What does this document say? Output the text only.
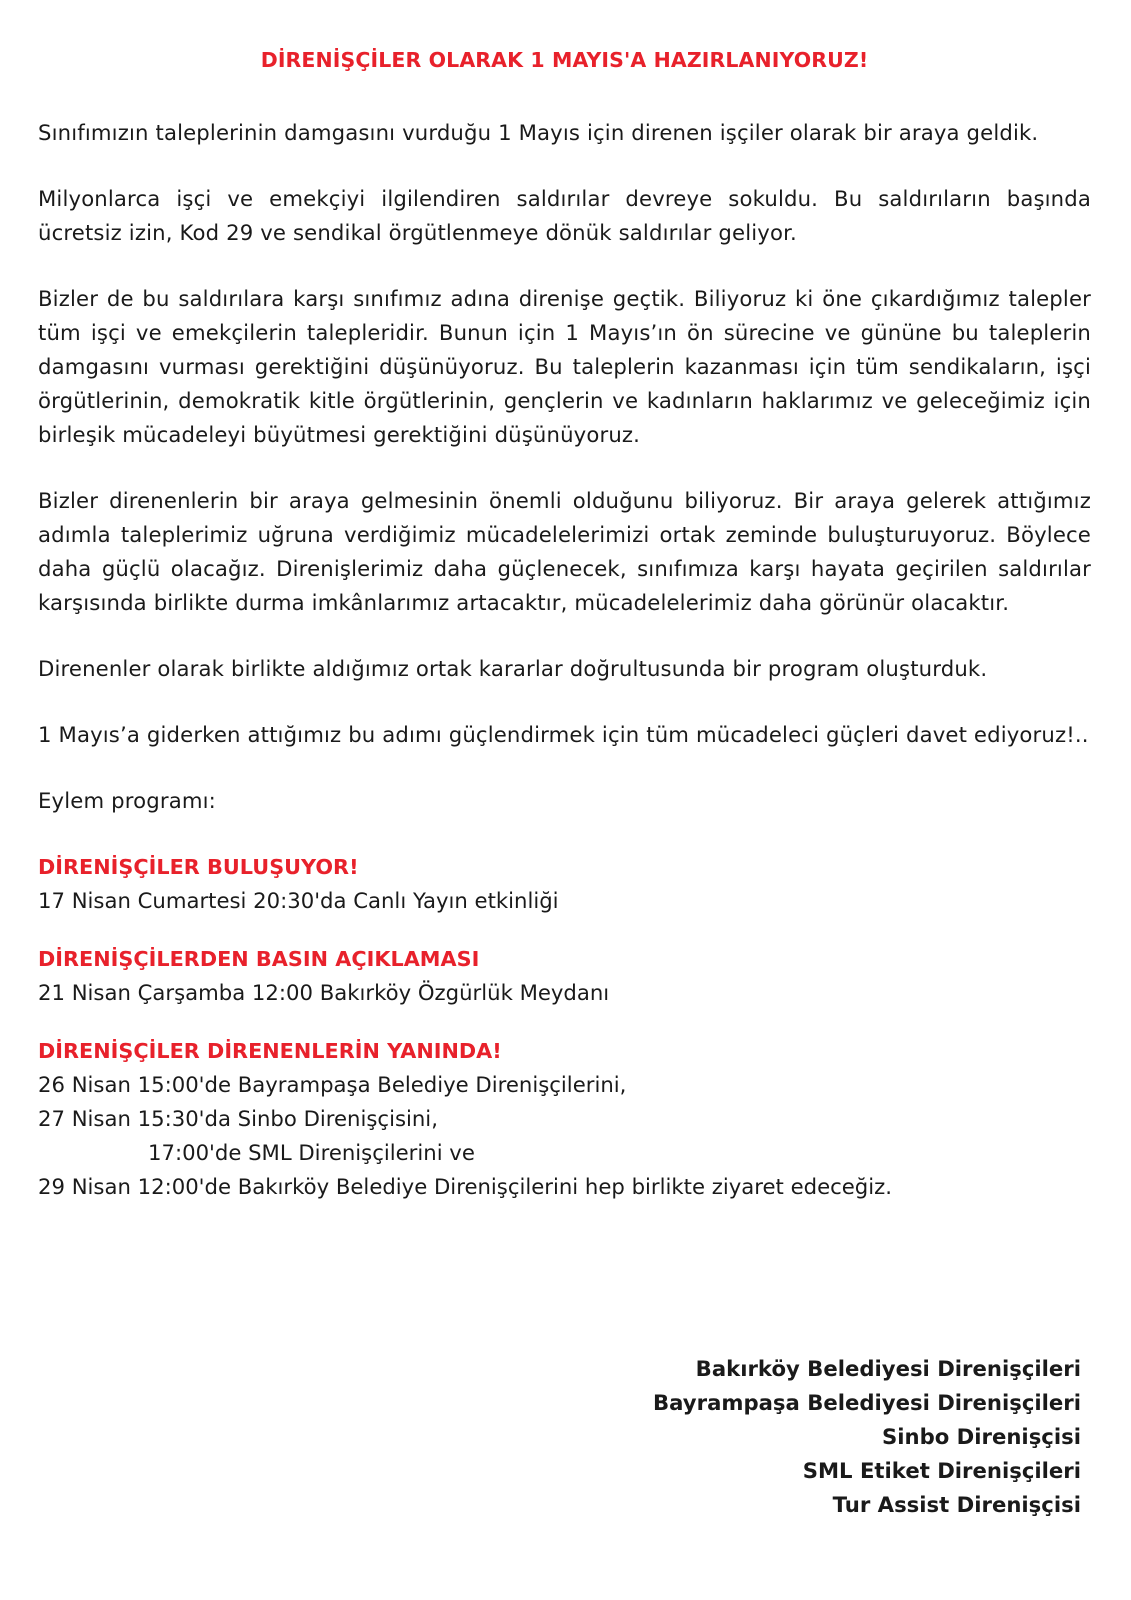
DİRENİŞÇİLER OLARAK 1 MAYIS'A HAZIRLANIYORUZ!

Sınıfımızın taleplerinin damgasını vurduğu 1 Mayıs için direnen işçiler olarak bir araya geldik.

Milyonlarca işçi ve emekçiyi ilgilendiren saldırılar devreye sokuldu. Bu saldırıların başında ücretsiz izin, Kod 29 ve sendikal örgütlenmeye dönük saldırılar geliyor.

Bizler de bu saldırılara karşı sınıfımız adına direnişe geçtik. Biliyoruz ki öne çıkardığımız talepler tüm işçi ve emekçilerin talepleridir. Bunun için 1 Mayıs’ın ön sürecine ve gününe bu taleplerin damgasını vurması gerektiğini düşünüyoruz. Bu taleplerin kazanması için tüm sendikaların, işçi örgütlerinin, demokratik kitle örgütlerinin, gençlerin ve kadınların haklarımız ve geleceğimiz için birleşik mücadeleyi büyütmesi gerektiğini düşünüyoruz.

Bizler direnenlerin bir araya gelmesinin önemli olduğunu biliyoruz. Bir araya gelerek attığımız adımla taleplerimiz uğruna verdiğimiz mücadelelerimizi ortak zeminde buluşturuyoruz. Böylece daha güçlü olacağız. Direnişlerimiz daha güçlenecek, sınıfımıza karşı hayata geçirilen saldırılar karşısında birlikte durma imkânlarımız artacaktır, mücadelelerimiz daha görünür olacaktır.

Direnenler olarak birlikte aldığımız ortak kararlar doğrultusunda bir program oluşturduk.

1 Mayıs’a giderken attığımız bu adımı güçlendirmek için tüm mücadeleci güçleri davet ediyoruz!..

Eylem programı:

DİRENİŞÇİLER BULUŞUYOR!

17 Nisan Cumartesi 20:30'da Canlı Yayın etkinliği

DİRENİŞÇİLERDEN BASIN AÇIKLAMASI

21 Nisan Çarşamba 12:00 Bakırköy Özgürlük Meydanı

DİRENİŞÇİLER DİRENENLERİN YANINDA!

26 Nisan 15:00'de Bayrampaşa Belediye Direnişçilerini,

27 Nisan 15:30'da Sinbo Direnişçisini,

17:00'de SML Direnişçilerini ve

29 Nisan 12:00'de Bakırköy Belediye Direnişçilerini hep birlikte ziyaret edeceğiz.

Bakırköy Belediyesi Direnişçileri

Bayrampaşa Belediyesi Direnişçileri

Sinbo Direnişçisi

SML Etiket Direnişçileri

Tur Assist Direnişçisi
